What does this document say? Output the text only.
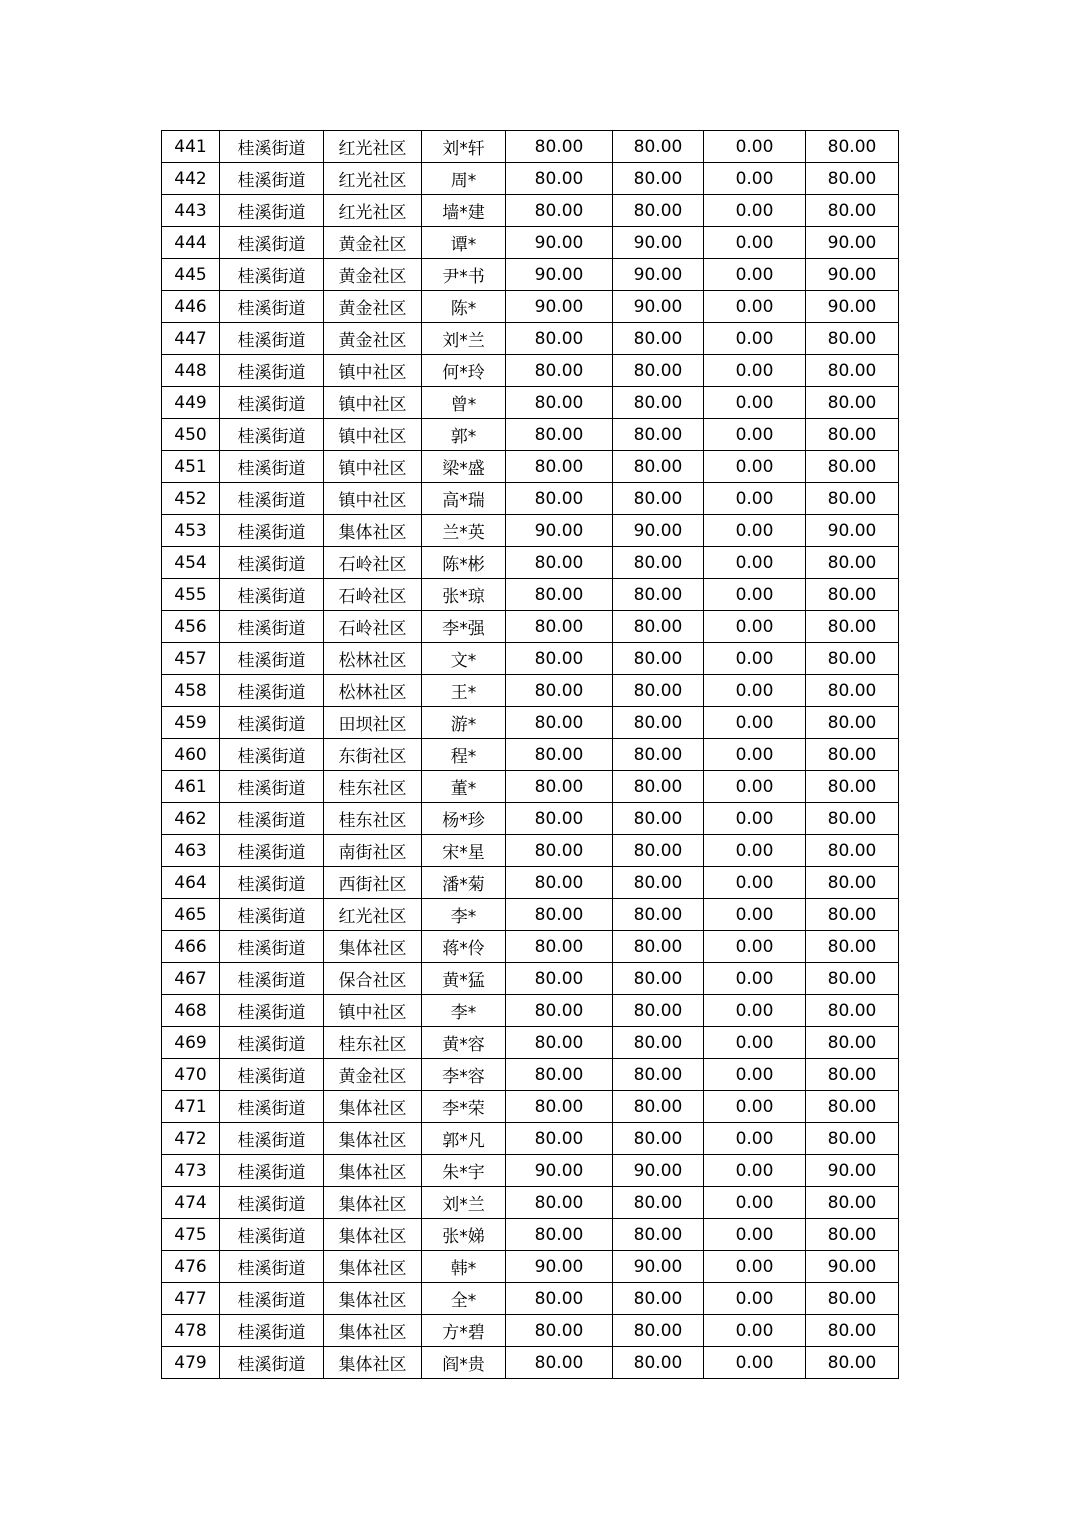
441	桂溪街道	红光社区	刘*轩	80.00	80.00	0.00	80.00
442	桂溪街道	红光社区	周*	80.00	80.00	0.00	80.00
443	桂溪街道	红光社区	墙*建	80.00	80.00	0.00	80.00
444	桂溪街道	黄金社区	谭*	90.00	90.00	0.00	90.00
445	桂溪街道	黄金社区	尹*书	90.00	90.00	0.00	90.00
446	桂溪街道	黄金社区	陈*	90.00	90.00	0.00	90.00
447	桂溪街道	黄金社区	刘*兰	80.00	80.00	0.00	80.00
448	桂溪街道	镇中社区	何*玲	80.00	80.00	0.00	80.00
449	桂溪街道	镇中社区	曾*	80.00	80.00	0.00	80.00
450	桂溪街道	镇中社区	郭*	80.00	80.00	0.00	80.00
451	桂溪街道	镇中社区	梁*盛	80.00	80.00	0.00	80.00
452	桂溪街道	镇中社区	高*瑞	80.00	80.00	0.00	80.00
453	桂溪街道	集体社区	兰*英	90.00	90.00	0.00	90.00
454	桂溪街道	石岭社区	陈*彬	80.00	80.00	0.00	80.00
455	桂溪街道	石岭社区	张*琼	80.00	80.00	0.00	80.00
456	桂溪街道	石岭社区	李*强	80.00	80.00	0.00	80.00
457	桂溪街道	松林社区	文*	80.00	80.00	0.00	80.00
458	桂溪街道	松林社区	王*	80.00	80.00	0.00	80.00
459	桂溪街道	田坝社区	游*	80.00	80.00	0.00	80.00
460	桂溪街道	东街社区	程*	80.00	80.00	0.00	80.00
461	桂溪街道	桂东社区	董*	80.00	80.00	0.00	80.00
462	桂溪街道	桂东社区	杨*珍	80.00	80.00	0.00	80.00
463	桂溪街道	南街社区	宋*星	80.00	80.00	0.00	80.00
464	桂溪街道	西街社区	潘*菊	80.00	80.00	0.00	80.00
465	桂溪街道	红光社区	李*	80.00	80.00	0.00	80.00
466	桂溪街道	集体社区	蒋*伶	80.00	80.00	0.00	80.00
467	桂溪街道	保合社区	黄*猛	80.00	80.00	0.00	80.00
468	桂溪街道	镇中社区	李*	80.00	80.00	0.00	80.00
469	桂溪街道	桂东社区	黄*容	80.00	80.00	0.00	80.00
470	桂溪街道	黄金社区	李*容	80.00	80.00	0.00	80.00
471	桂溪街道	集体社区	李*荣	80.00	80.00	0.00	80.00
472	桂溪街道	集体社区	郭*凡	80.00	80.00	0.00	80.00
473	桂溪街道	集体社区	朱*宇	90.00	90.00	0.00	90.00
474	桂溪街道	集体社区	刘*兰	80.00	80.00	0.00	80.00
475	桂溪街道	集体社区	张*娣	80.00	80.00	0.00	80.00
476	桂溪街道	集体社区	韩*	90.00	90.00	0.00	90.00
477	桂溪街道	集体社区	全*	80.00	80.00	0.00	80.00
478	桂溪街道	集体社区	方*碧	80.00	80.00	0.00	80.00
479	桂溪街道	集体社区	阎*贵	80.00	80.00	0.00	80.00
